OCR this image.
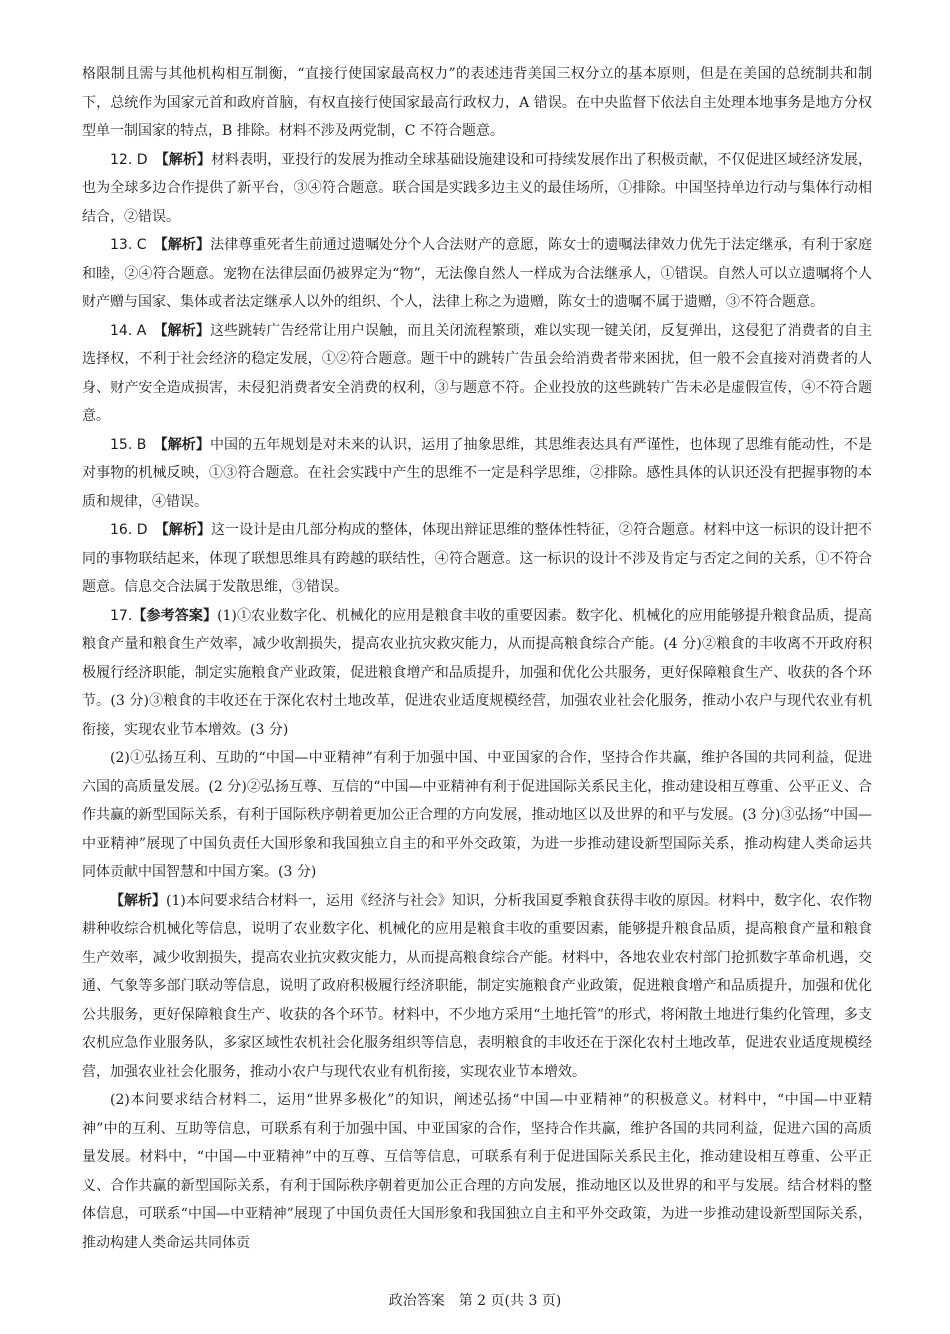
格限制且需与其他机构相互制衡，“直接行使国家最高权力”的表述违背美国三权分立的基本原则，但是在美国的总统制共和制下，总统作为国家元首和政府首脑，有权直接行使国家最高行政权力，A 错误。在中央监督下依法自主处理本地事务是地方分权型单一制国家的特点，B 排除。材料不涉及两党制，C 不符合题意。

12. D　 【解析】材料表明，亚投行的发展为推动全球基础设施建设和可持续发展作出了积极贡献，不仅促进区域经济发展，也为全球多边合作提供了新平台，③④符合题意。联合国是实践多边主义的最佳场所，①排除。中国坚持单边行动与集体行动相结合，②错误。

13. C　 【解析】法律尊重死者生前通过遗嘱处分个人合法财产的意愿，陈女士的遗嘱法律效力优先于法定继承，有利于家庭和睦，②④符合题意。宠物在法律层面仍被界定为“物”，无法像自然人一样成为合法继承人，①错误。自然人可以立遗嘱将个人财产赠与国家、集体或者法定继承人以外的组织、个人，法律上称之为遗赠，陈女士的遗嘱不属于遗赠，③不符合题意。

14. A　 【解析】这些跳转广告经常让用户误触，而且关闭流程繁琐，难以实现一键关闭，反复弹出，这侵犯了消费者的自主选择权，不利于社会经济的稳定发展，①②符合题意。题干中的跳转广告虽会给消费者带来困扰，但一般不会直接对消费者的人身、财产安全造成损害，未侵犯消费者安全消费的权利，③与题意不符。企业投放的这些跳转广告未必是虚假宣传，④不符合题意。

15. B　 【解析】中国的五年规划是对未来的认识，运用了抽象思维，其思维表达具有严谨性，也体现了思维有能动性，不是对事物的机械反映，①③符合题意。在社会实践中产生的思维不一定是科学思维，②排除。感性具体的认识还没有把握事物的本质和规律，④错误。

16. D　 【解析】这一设计是由几部分构成的整体，体现出辩证思维的整体性特征，②符合题意。材料中这一标识的设计把不同的事物联结起来，体现了联想思维具有跨越的联结性，④符合题意。这一标识的设计不涉及肯定与否定之间的关系，①不符合题意。信息交合法属于发散思维，③错误。

17.【参考答案】(1)①农业数字化、机械化的应用是粮食丰收的重要因素。数字化、机械化的应用能够提升粮食品质，提高粮食产量和粮食生产效率，减少收割损失，提高农业抗灾救灾能力，从而提高粮食综合产能。(4 分)②粮食的丰收离不开政府积极履行经济职能，制定实施粮食产业政策，促进粮食增产和品质提升，加强和优化公共服务，更好保障粮食生产、收获的各个环节。(3 分)③粮食的丰收还在于深化农村土地改革，促进农业适度规模经营，加强农业社会化服务，推动小农户与现代农业有机衔接，实现农业节本增效。(3 分)

(2)①弘扬互利、互助的“中国—中亚精神”有利于加强中国、中亚国家的合作，坚持合作共赢，维护各国的共同利益，促进六国的高质量发展。(2 分)②弘扬互尊、互信的“中国—中亚精神有利于促进国际关系民主化，推动建设相互尊重、公平正义、合作共赢的新型国际关系，有利于国际秩序朝着更加公正合理的方向发展，推动地区以及世界的和平与发展。(3 分)③弘扬“中国—中亚精神”展现了中国负责任大国形象和我国独立自主的和平外交政策，为进一步推动建设新型国际关系，推动构建人类命运共同体贡献中国智慧和中国方案。(3 分)

【解析】(1)本问要求结合材料一，运用《经济与社会》知识，分析我国夏季粮食获得丰收的原因。材料中，数字化、农作物耕种收综合机械化等信息，说明了农业数字化、机械化的应用是粮食丰收的重要因素，能够提升粮食品质，提高粮食产量和粮食生产效率，减少收割损失，提高农业抗灾救灾能力，从而提高粮食综合产能。材料中，各地农业农村部门抢抓数字革命机遇，交通、气象等多部门联动等信息，说明了政府积极履行经济职能，制定实施粮食产业政策，促进粮食增产和品质提升，加强和优化公共服务，更好保障粮食生产、收获的各个环节。材料中，不少地方采用“土地托管”的形式，将闲散土地进行集约化管理，多支农机应急作业服务队，多家区域性农机社会化服务组织等信息，表明粮食的丰收还在于深化农村土地改革，促进农业适度规模经营，加强农业社会化服务，推动小农户与现代农业有机衔接，实现农业节本增效。

(2)本问要求结合材料二，运用“世界多极化”的知识，阐述弘扬“中国—中亚精神”的积极意义。材料中，“中国—中亚精神”中的互利、互助等信息，可联系有利于加强中国、中亚国家的合作，坚持合作共赢，维护各国的共同利益，促进六国的高质量发展。材料中，“中国—中亚精神”中的互尊、互信等信息，可联系有利于促进国际关系民主化，推动建设相互尊重、公平正义、合作共赢的新型国际关系，有利于国际秩序朝着更加公正合理的方向发展，推动地区以及世界的和平与发展。结合材料的整体信息，可联系“中国—中亚精神”展现了中国负责任大国形象和我国独立自主和平外交政策，为进一步推动建设新型国际关系，推动构建人类命运共同体贡

政治答案　第 2 页(共 3 页)
